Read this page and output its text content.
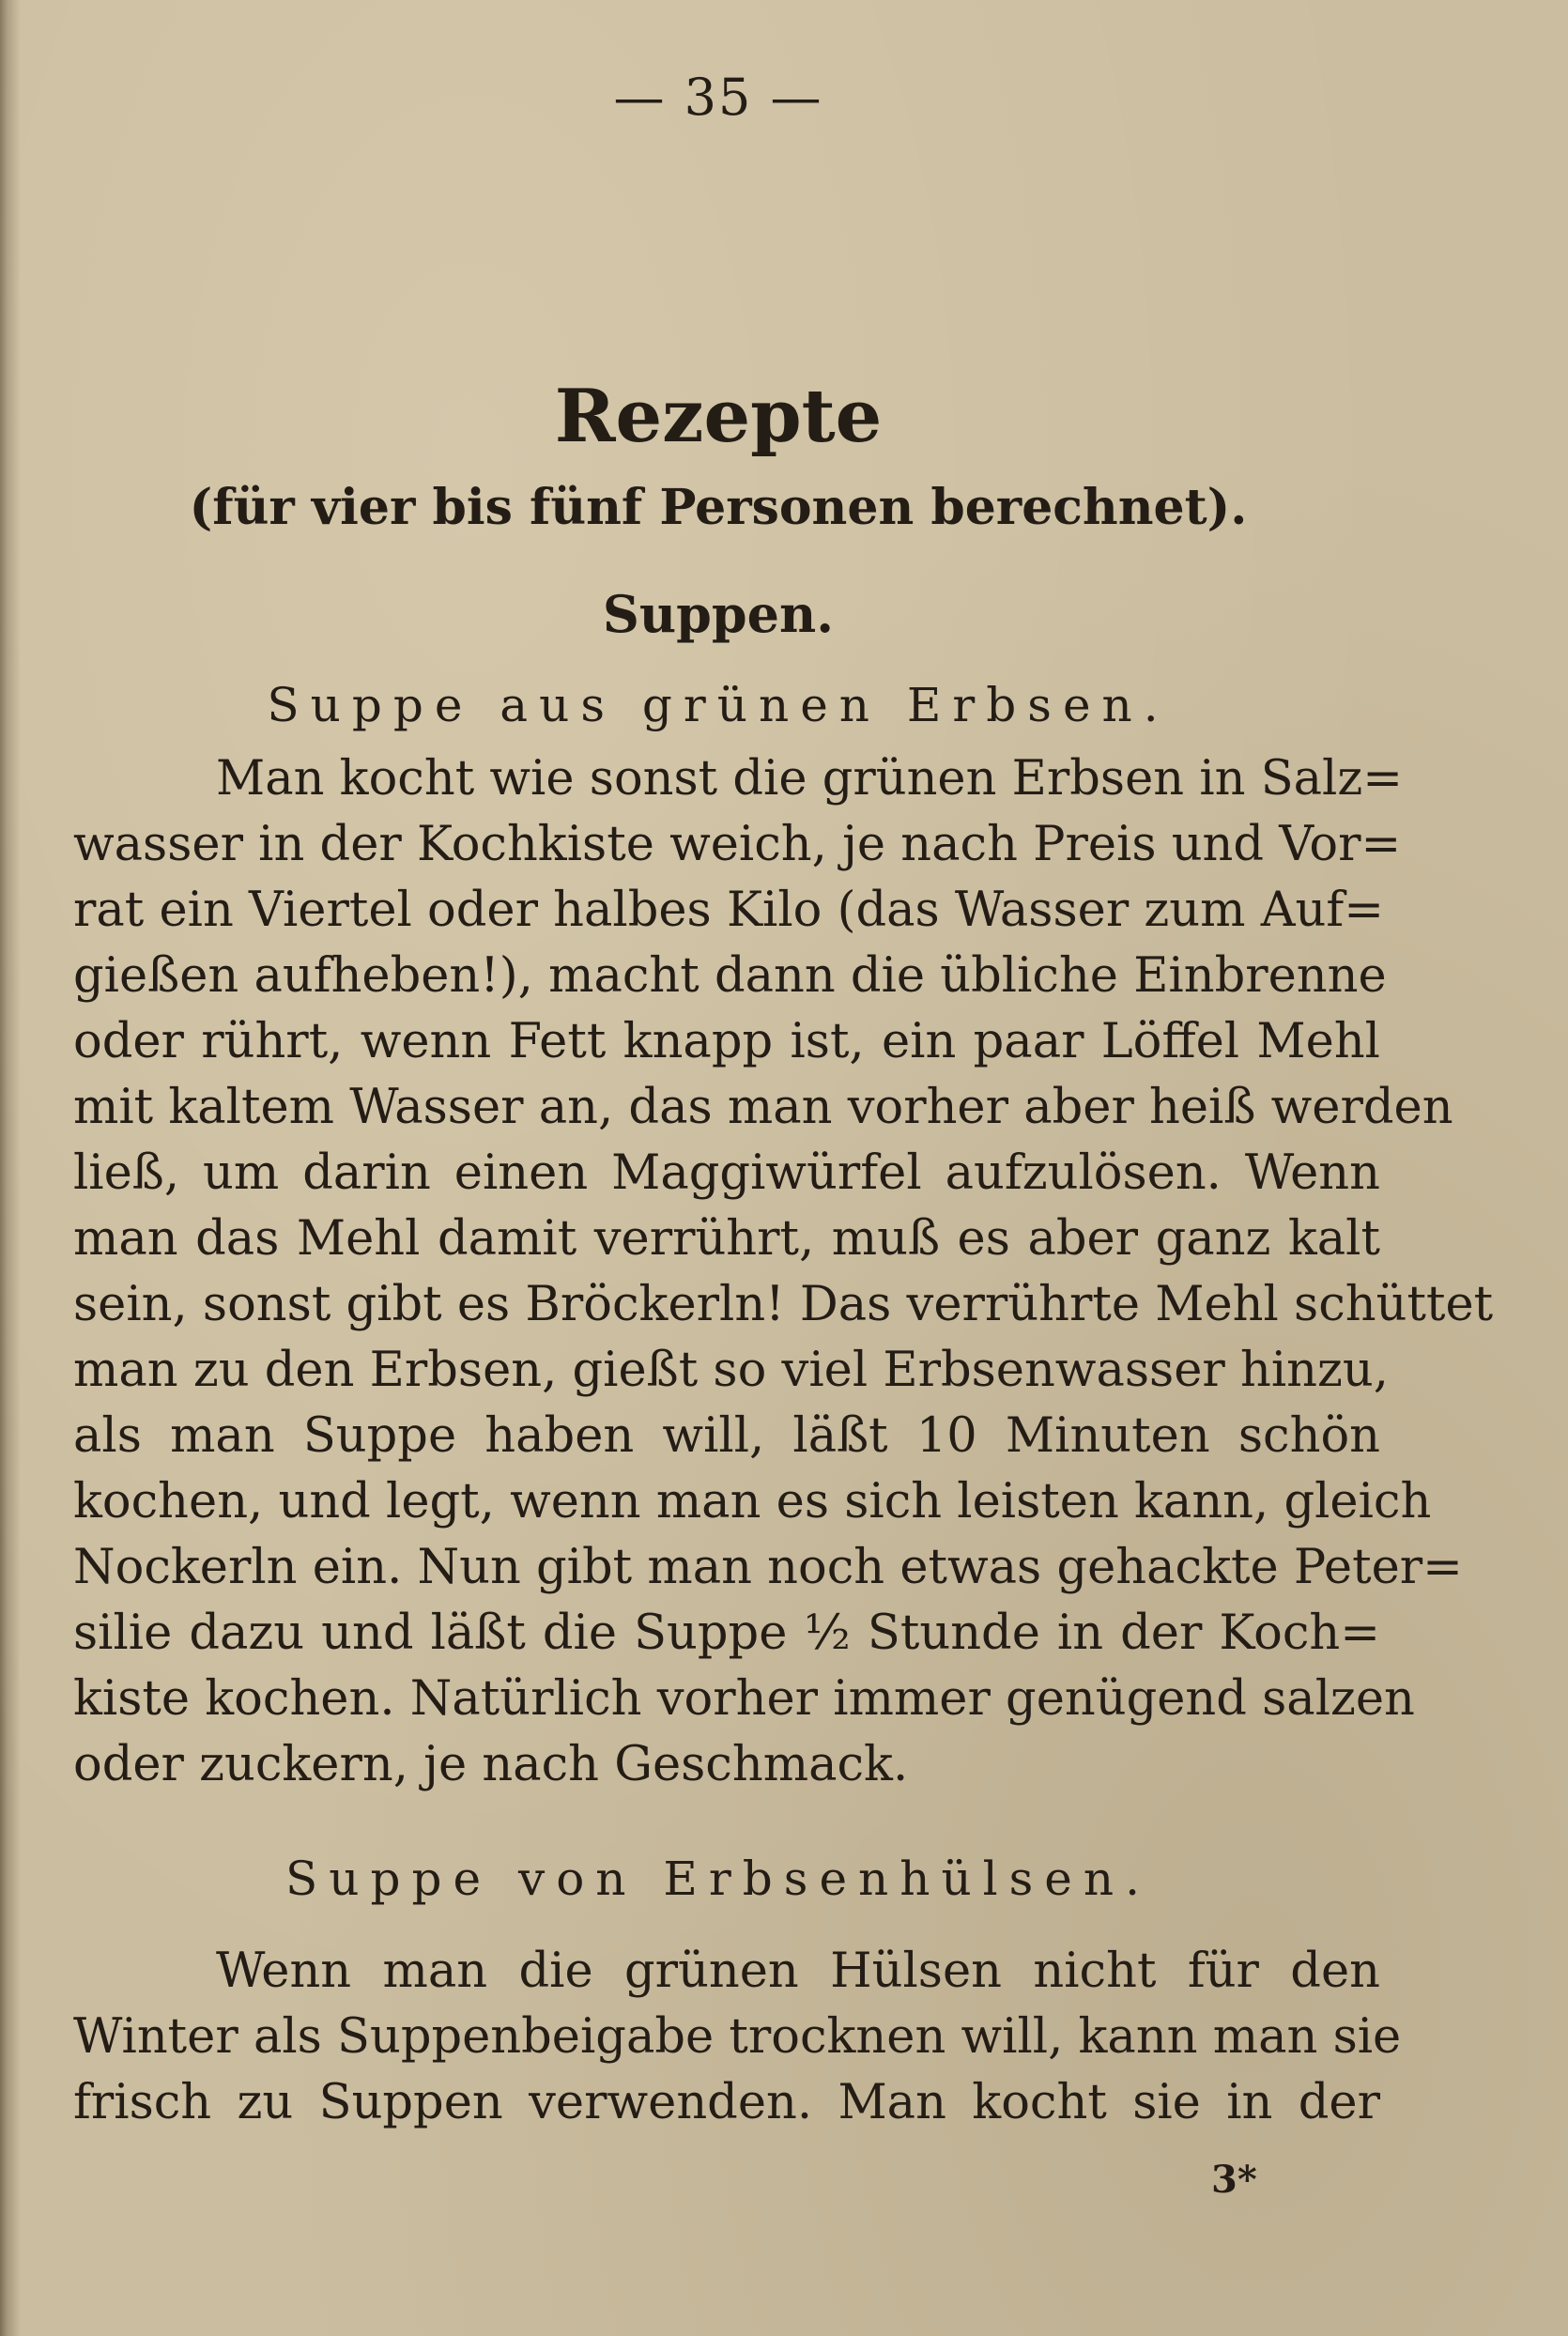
— 35 —
Rezepte
(für vier bis fünf Personen berechnet).
Suppen.
Suppe aus grünen Erbsen.
Man kocht wie sonst die grünen Erbsen in Salz=
wasser in der Kochkiste weich, je nach Preis und Vor=
rat ein Viertel oder halbes Kilo (das Wasser zum Auf=
gießen aufheben!), macht dann die übliche Einbrenne
oder rührt, wenn Fett knapp ist, ein paar Löffel Mehl
mit kaltem Wasser an, das man vorher aber heiß werden
ließ, um darin einen Maggiwürfel aufzulösen. Wenn
man das Mehl damit verrührt, muß es aber ganz kalt
sein, sonst gibt es Bröckerln! Das verrührte Mehl schüttet
man zu den Erbsen, gießt so viel Erbsenwasser hinzu,
als man Suppe haben will, läßt 10 Minuten schön
kochen, und legt, wenn man es sich leisten kann, gleich
Nockerln ein. Nun gibt man noch etwas gehackte Peter=
silie dazu und läßt die Suppe ½ Stunde in der Koch=
kiste kochen. Natürlich vorher immer genügend salzen
oder zuckern, je nach Geschmack.
Suppe von Erbsenhülsen.
Wenn man die grünen Hülsen nicht für den
Winter als Suppenbeigabe trocknen will, kann man sie
frisch zu Suppen verwenden. Man kocht sie in der
3*
